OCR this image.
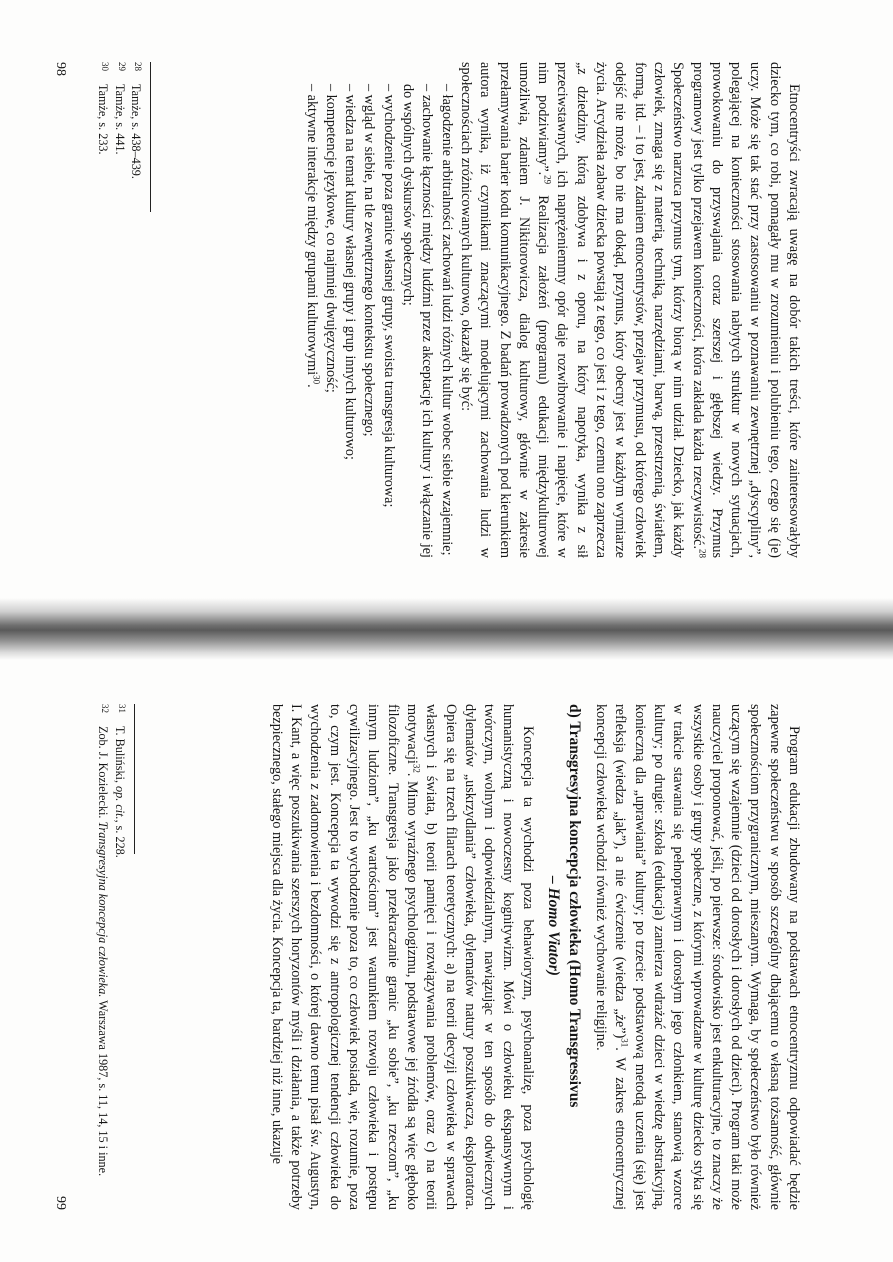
Etnocentryści zwracają uwagę na dobór takich treści, które zainteresowałyby dziecko tym, co robi, pomagały mu w zrozumieniu i polubieniu tego, czego się (je) uczy. Może się tak stać przy zastosowaniu w poznawaniu zewnętrznej „dyscypliny”, polegającej na konieczności stosowania nabytych struktur w nowych sytuacjach, prowokowaniu do przyswajania coraz szerszej i głębszej wiedzy. Przymus programowy jest tylko przejawem konieczności, która zakłada każda rzeczywistość.$^{28}$ Społeczeństwo narzuca przymus tym, którzy biorą w nim udział. Dziecko, jak każdy człowiek, zmaga się z materią, techniką, narzędziami, barwą, przestrzenią, światłem, formą, itd. – i to jest, zdaniem etnocentrystów, przejaw przymusu, od którego człowiek odejść nie może, bo nie ma dokąd, przymus, który obecny jest w każdym wymiarze życia. Arcydzieła zabaw dziecka powstają z tego, co jest i z tego, czemu ono zaprzecza „z dziedziny, którą zdobywa i z oporu, na który napotyka, wynika z sił przeciwstawnych, ich naprężeniemmy opór daje rozwibrowanie i napięcie, które w nim podziwiamy”.$^{29}$ Realizacja założeń (programu) edukacji międzykulturowej umożliwia, zdaniem J. Nikitorowicza, dialog kulturowy, głównie w zakresie przełamywania barier kodu komunikacyjnego. Z badań prowadzonych pod kierunkiem autora wynika, iż czynnikami znaczącymi modelującymi zachowania ludzi w społecznościach zróżnicowanych kulturowo, okazały się być:

– łagodzenie arbitralności zachowań ludzi różnych kultur wobec siebie wzajemnie;

– zachowanie łączności między ludźmi przez akceptację ich kultury i włączanie jej do wspólnych dyskursów społecznych;

– wychodzenie poza granice własnej grupy, swoista transgresja kulturowa;

– wgląd w siebie, na tle zewnętrznego kontekstu społecznego;

– wiedza na temat kultury własnej grupy i grup innych kulturowo;

– kompetencje językowe, co najmniej dwujęzyczność;

– aktywne interakcje między grupami kulturowymi$^{30}$.

28
Tamże, s. 438–439.
29
Tamże, s. 441.
30
Tamże, s. 233.
98

Program edukacji zbudowany na podstawach etnocentryzmu odpowiadać będzie zapewne społeczeństwu w sposób szczególny dbającemu o własną tożsamość, głównie społecznościom przygranicznym, mieszanym. Wymaga, by społeczeństwo było również uczącym się wzajemnie (dzieci od dorosłych i dorosłych od dzieci). Program taki może nauczyciel proponować, jeśli, po pierwsze: środowisko jest enkulturacyjne, to znaczy że wszystkie osoby i grupy społeczne, z którymi wprowadzane w kulturę dziecko styka się w trakcie stawania się pełnoprawnym i dorosłym jego członkiem, stanowią wzorce kultury; po drugie: szkoła (edukacja) zamierza wdrażać dzieci w wiedzę abstrakcyjną, konieczną dla „uprawiania” kultury; po trzecie: podstawową metodą uczenia (się) jest refleksja (wiedza „jak”), a nie ćwiczenie (wiedza „że”)$^{31}$. W zakres etnocentrycznej koncepcji człowieka wchodzi również wychowanie religijne.

d) Transgresyjna koncepcja człowieka (Homo Transgressivus
– Homo Viator)

Koncepcja ta wychodzi poza behawioryzm, psychoanalizę, poza psychologię humanistyczną i nowoczesny kognitywizm. Mówi o człowieku ekspansywnym i twórczym, wolnym i odpowiedzialnym, nawiązując w ten sposób do odwiecznych dylematów „uskrzydlania” człowieka, dylematów natury poszukiwacza, eksploratora. Opiera się na trzech filarach teoretycznych: a) na teorii decyzji człowieka w sprawach własnych i świata, b) teorii pamięci i rozwiązywania problemów, oraz c) na teorii motywacji$^{32}$. Mimo wyraźnego psychologizmu, podstawowe jej źródła są więc głęboko filozoficzne. Transgresja jako przekraczanie granic „ku sobie”, „ku rzeczom”, „ku innym ludziom”, „ku wartościom” jest warunkiem rozwoju człowieka i postępu cywilizacyjnego. Jest to wychodzenie poza to, co człowiek posiada, wie, rozumie, poza to, czym jest. Koncepcja ta wywodzi się z antropologicznej tendencji człowieka do wychodzenia z zadomowienia i bezdomności, o której dawno temu pisał św. Augustyn, I. Kant, a więc poszukiwania szerszych horyzontów myśli i działania, a także potrzeby bezpiecznego, stałego miejsca dla życia. Koncepcja ta, bardziej niż inne, ukazuje

31
T. Buliński, op. cit., s. 228.
32
Zob. J. Kozielecki. Transgresyjna koncepcja człowieka. Warszawa 1987, s. 11, 14, 15 i inne.
99
